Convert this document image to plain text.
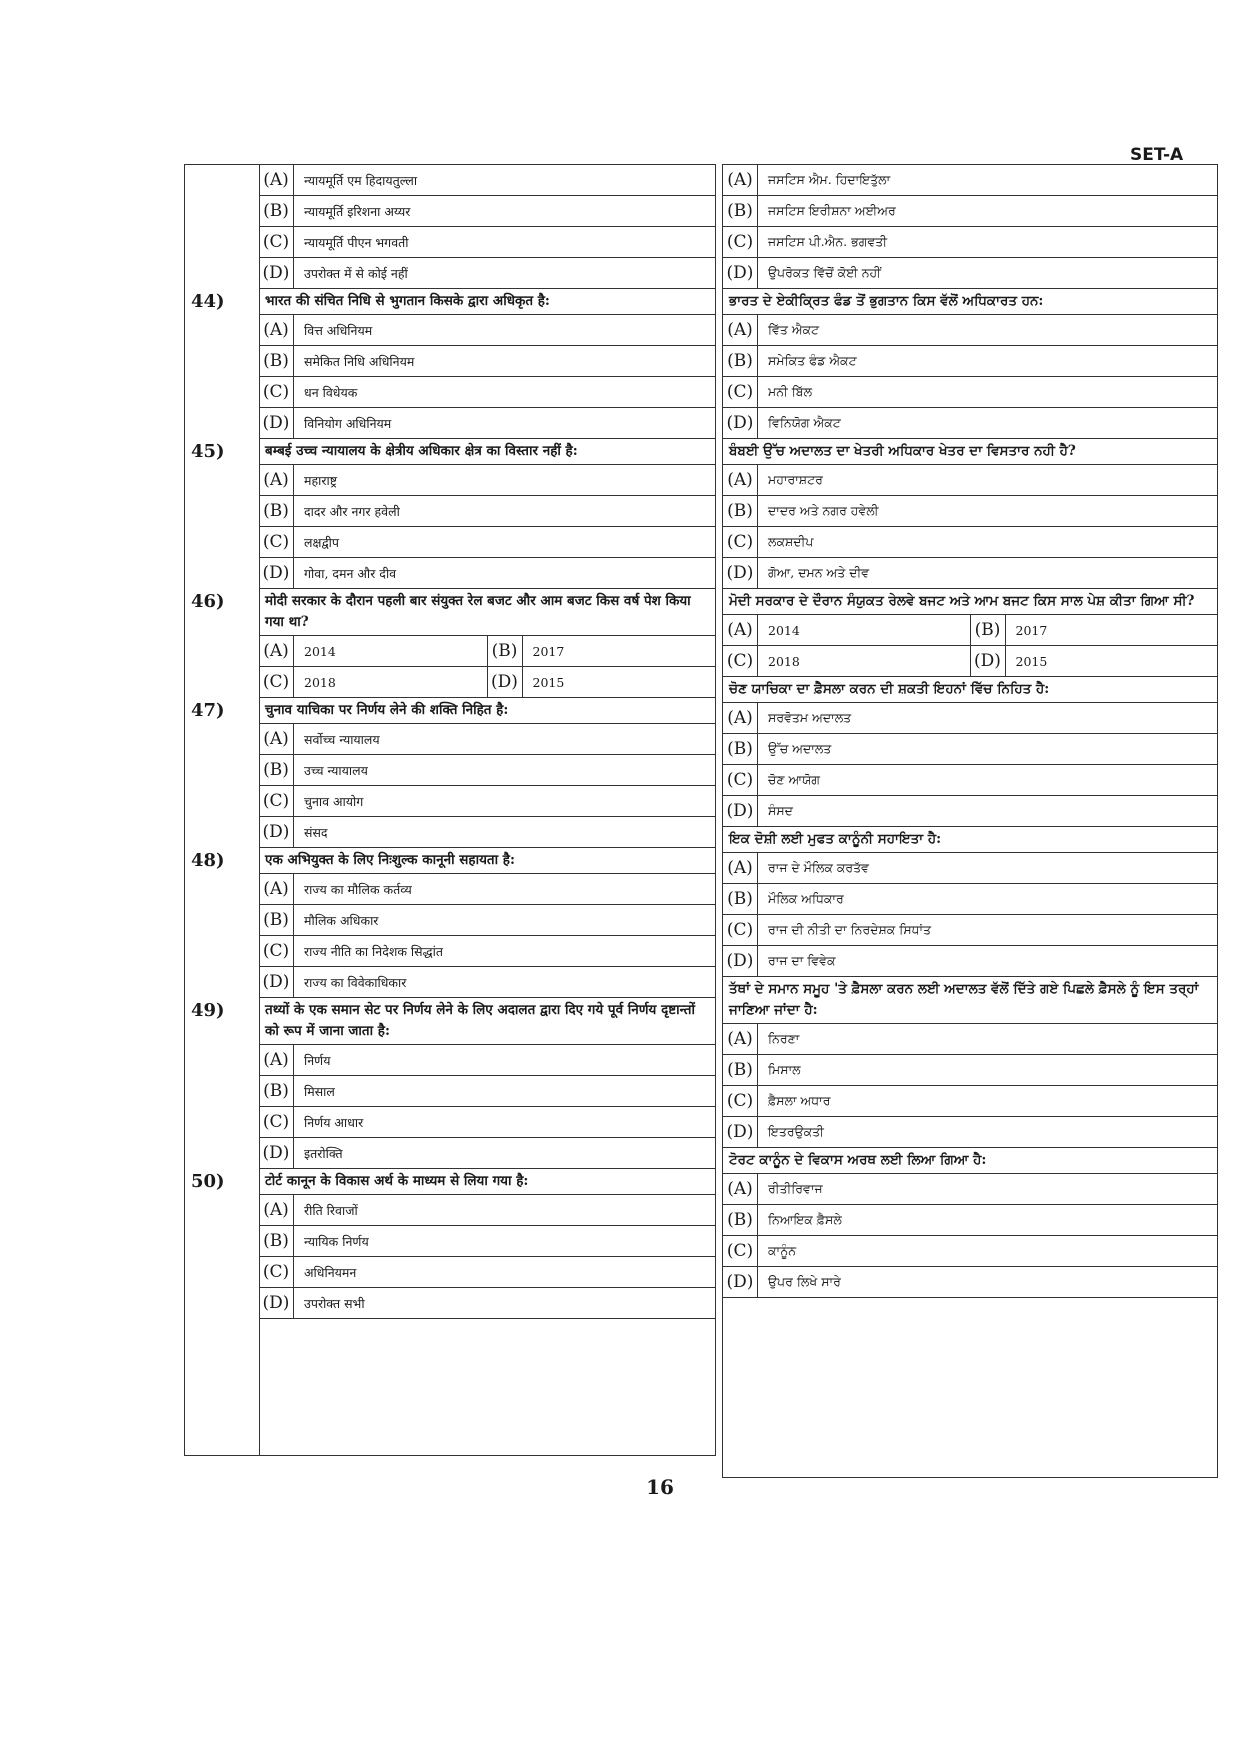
SET-A
(A)	न्यायमूर्ति एम हिदायतुल्ला
(B)	न्यायमूर्ति इरिशना अय्यर
(C)	न्यायमूर्ति पीएन भगवती
(D)	उपरोक्त में से कोई नहीं
44)	भारत की संचित निधि से भुगतान किसके द्वारा अधिकृत है:
(A)	वित्त अधिनियम
(B)	समेकित निधि अधिनियम
(C)	धन विधेयक
(D)	विनियोग अधिनियम
45)	बम्बई उच्च न्यायालय के क्षेत्रीय अधिकार क्षेत्र का विस्तार नहीं है:
(A)	महाराष्ट्र
(B)	दादर और नगर हवेली
(C)	लक्षद्वीप
(D)	गोवा, दमन और दीव
46)	मोदी सरकार के दौरान पहली बार संयुक्त रेल बजट और आम बजट किस वर्ष पेश किया गया था?
(A)	2014	(B)	2017
(C)	2018	(D)	2015
47)	चुनाव याचिका पर निर्णय लेने की शक्ति निहित है:
(A)	सर्वोच्च न्यायालय
(B)	उच्च न्यायालय
(C)	चुनाव आयोग
(D)	संसद
48)	एक अभियुक्त के लिए निःशुल्क कानूनी सहायता है:
(A)	राज्य का मौलिक कर्तव्य
(B)	मौलिक अधिकार
(C)	राज्य नीति का निदेशक सिद्धांत
(D)	राज्य का विवेकाधिकार
49)	तथ्यों के एक समान सेट पर निर्णय लेने के लिए अदालत द्वारा दिए गये पूर्व निर्णय दृष्टान्तों को रूप में जाना जाता है:
(A)	निर्णय
(B)	मिसाल
(C)	निर्णय आधार
(D)	इतरोक्ति
50)	टोर्ट कानून के विकास अर्थ के माध्यम से लिया गया है:
(A)	रीति रिवाजों
(B)	न्यायिक निर्णय
(C)	अधिनियमन
(D)	उपरोक्त सभी
(A)	ਜਸਟਿਸ ਐਮ. ਹਿਦਾਇਤੁੱਲਾ
(B)	ਜਸਟਿਸ ਇਰੀਸ਼ਨਾ ਅਈਅਰ
(C)	ਜਸਟਿਸ ਪੀ.ਐਨ. ਭਗਵਤੀ
(D)	ਉਪਰੋਕਤ ਵਿੱਚੋਂ ਕੋਈ ਨਹੀਂ
ਭਾਰਤ ਦੇ ਏਕੀਕ੍ਰਿਤ ਫੰਡ ਤੋਂ ਭੁਗਤਾਨ ਕਿਸ ਵੱਲੋਂ ਅਧਿਕਾਰਤ ਹਨ:
(A)	ਵਿੱਤ ਐਕਟ
(B)	ਸਮੇਕਿਤ ਫੰਡ ਐਕਟ
(C)	ਮਨੀ ਬਿੱਲ
(D)	ਵਿਨਿਯੋਗ ਐਕਟ
ਬੰਬਈ ਉੱਚ ਅਦਾਲਤ ਦਾ ਖੇਤਰੀ ਅਧਿਕਾਰ ਖੇਤਰ ਦਾ ਵਿਸਤਾਰ ਨਹੀ ਹੈ?
(A)	ਮਹਾਰਾਸ਼ਟਰ
(B)	ਦਾਦਰ ਅਤੇ ਨਗਰ ਹਵੇਲੀ
(C)	ਲਕਸ਼ਦੀਪ
(D)	ਗੋਆ, ਦਮਨ ਅਤੇ ਦੀਵ
ਮੋਦੀ ਸਰਕਾਰ ਦੇ ਦੌਰਾਨ ਸੰਯੁਕਤ ਰੇਲਵੇ ਬਜਟ ਅਤੇ ਆਮ ਬਜਟ ਕਿਸ ਸਾਲ ਪੇਸ਼ ਕੀਤਾ ਗਿਆ ਸੀ?
(A)	2014	(B)	2017
(C)	2018	(D)	2015
ਚੋਣ ਯਾਚਿਕਾ ਦਾ ਫ਼ੈਸਲਾ ਕਰਨ ਦੀ ਸ਼ਕਤੀ ਇਹਨਾਂ ਵਿੱਚ ਨਿਹਿਤ ਹੈ:
(A)	ਸਰਵੋਤਮ ਅਦਾਲਤ
(B)	ਉੱਚ ਅਦਾਲਤ
(C)	ਚੋਣ ਆਯੋਗ
(D)	ਸੰਸਦ
ਇਕ ਦੋਸ਼ੀ ਲਈ ਮੁਫਤ ਕਾਨੂੰਨੀ ਸਹਾਇਤਾ ਹੈ:
(A)	ਰਾਜ ਦੇ ਮੌਲਿਕ ਕਰਤੱਵ
(B)	ਮੌਲਿਕ ਅਧਿਕਾਰ
(C)	ਰਾਜ ਦੀ ਨੀਤੀ ਦਾ ਨਿਰਦੇਸ਼ਕ ਸਿਧਾਂਤ
(D)	ਰਾਜ ਦਾ ਵਿਵੇਕ
ਤੱਥਾਂ ਦੇ ਸਮਾਨ ਸਮੂਹ 'ਤੇ ਫ਼ੈਸਲਾ ਕਰਨ ਲਈ ਅਦਾਲਤ ਵੱਲੋਂ ਦਿੱਤੇ ਗਏ ਪਿਛਲੇ ਫ਼ੈਸਲੇ ਨੂੰ ਇਸ ਤਰ੍ਹਾਂ ਜਾਣਿਆ ਜਾਂਦਾ ਹੈ:
(A)	ਨਿਰਣਾ
(B)	ਮਿਸਾਲ
(C)	ਫ਼ੈਸਲਾ ਅਧਾਰ
(D)	ਇਤਰਉਕਤੀ
ਟੋਰਟ ਕਾਨੂੰਨ ਦੇ ਵਿਕਾਸ ਅਰਥ ਲਈ ਲਿਆ ਗਿਆ ਹੈ:
(A)	ਰੀਤੀਰਿਵਾਜ
(B)	ਨਿਆਇਕ ਫ਼ੈਸਲੇ
(C)	ਕਾਨੂੰਨ
(D)	ਉਪਰ ਲਿਖੇ ਸਾਰੇ
16
